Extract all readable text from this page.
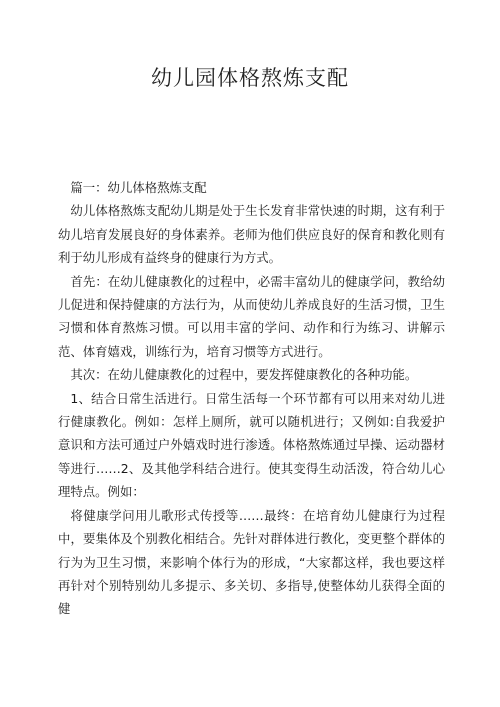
幼儿园体格熬炼支配

篇一：幼儿体格熬炼支配

幼儿体格熬炼支配幼儿期是处于生长发育非常快速的时期，这有利于幼儿培育发展良好的身体素养。老师为他们供应良好的保育和教化则有利于幼儿形成有益终身的健康行为方式。

首先：在幼儿健康教化的过程中，必需丰富幼儿的健康学问，教给幼儿促进和保持健康的方法行为，从而使幼儿养成良好的生活习惯，卫生习惯和体育熬炼习惯。可以用丰富的学问、动作和行为练习、讲解示范、体育嬉戏，训练行为，培育习惯等方式进行。

其次：在幼儿健康教化的过程中，要发挥健康教化的各种功能。

1、结合日常生活进行。日常生活每一个环节都有可以用来对幼儿进行健康教化。例如：怎样上厕所，就可以随机进行；又例如:自我爱护意识和方法可通过户外嬉戏时进行渗透。体格熬炼通过早操、运动器材等进行……2、及其他学科结合进行。使其变得生动活泼，符合幼儿心理特点。例如：

将健康学问用儿歌形式传授等……最终：在培育幼儿健康行为过程中，要集体及个别教化相结合。先针对群体进行教化，变更整个群体的行为为卫生习惯，来影响个体行为的形成，“大家都这样，我也要这样再针对个别特别幼儿多提示、多关切、多指导,使整体幼儿获得全面的健
